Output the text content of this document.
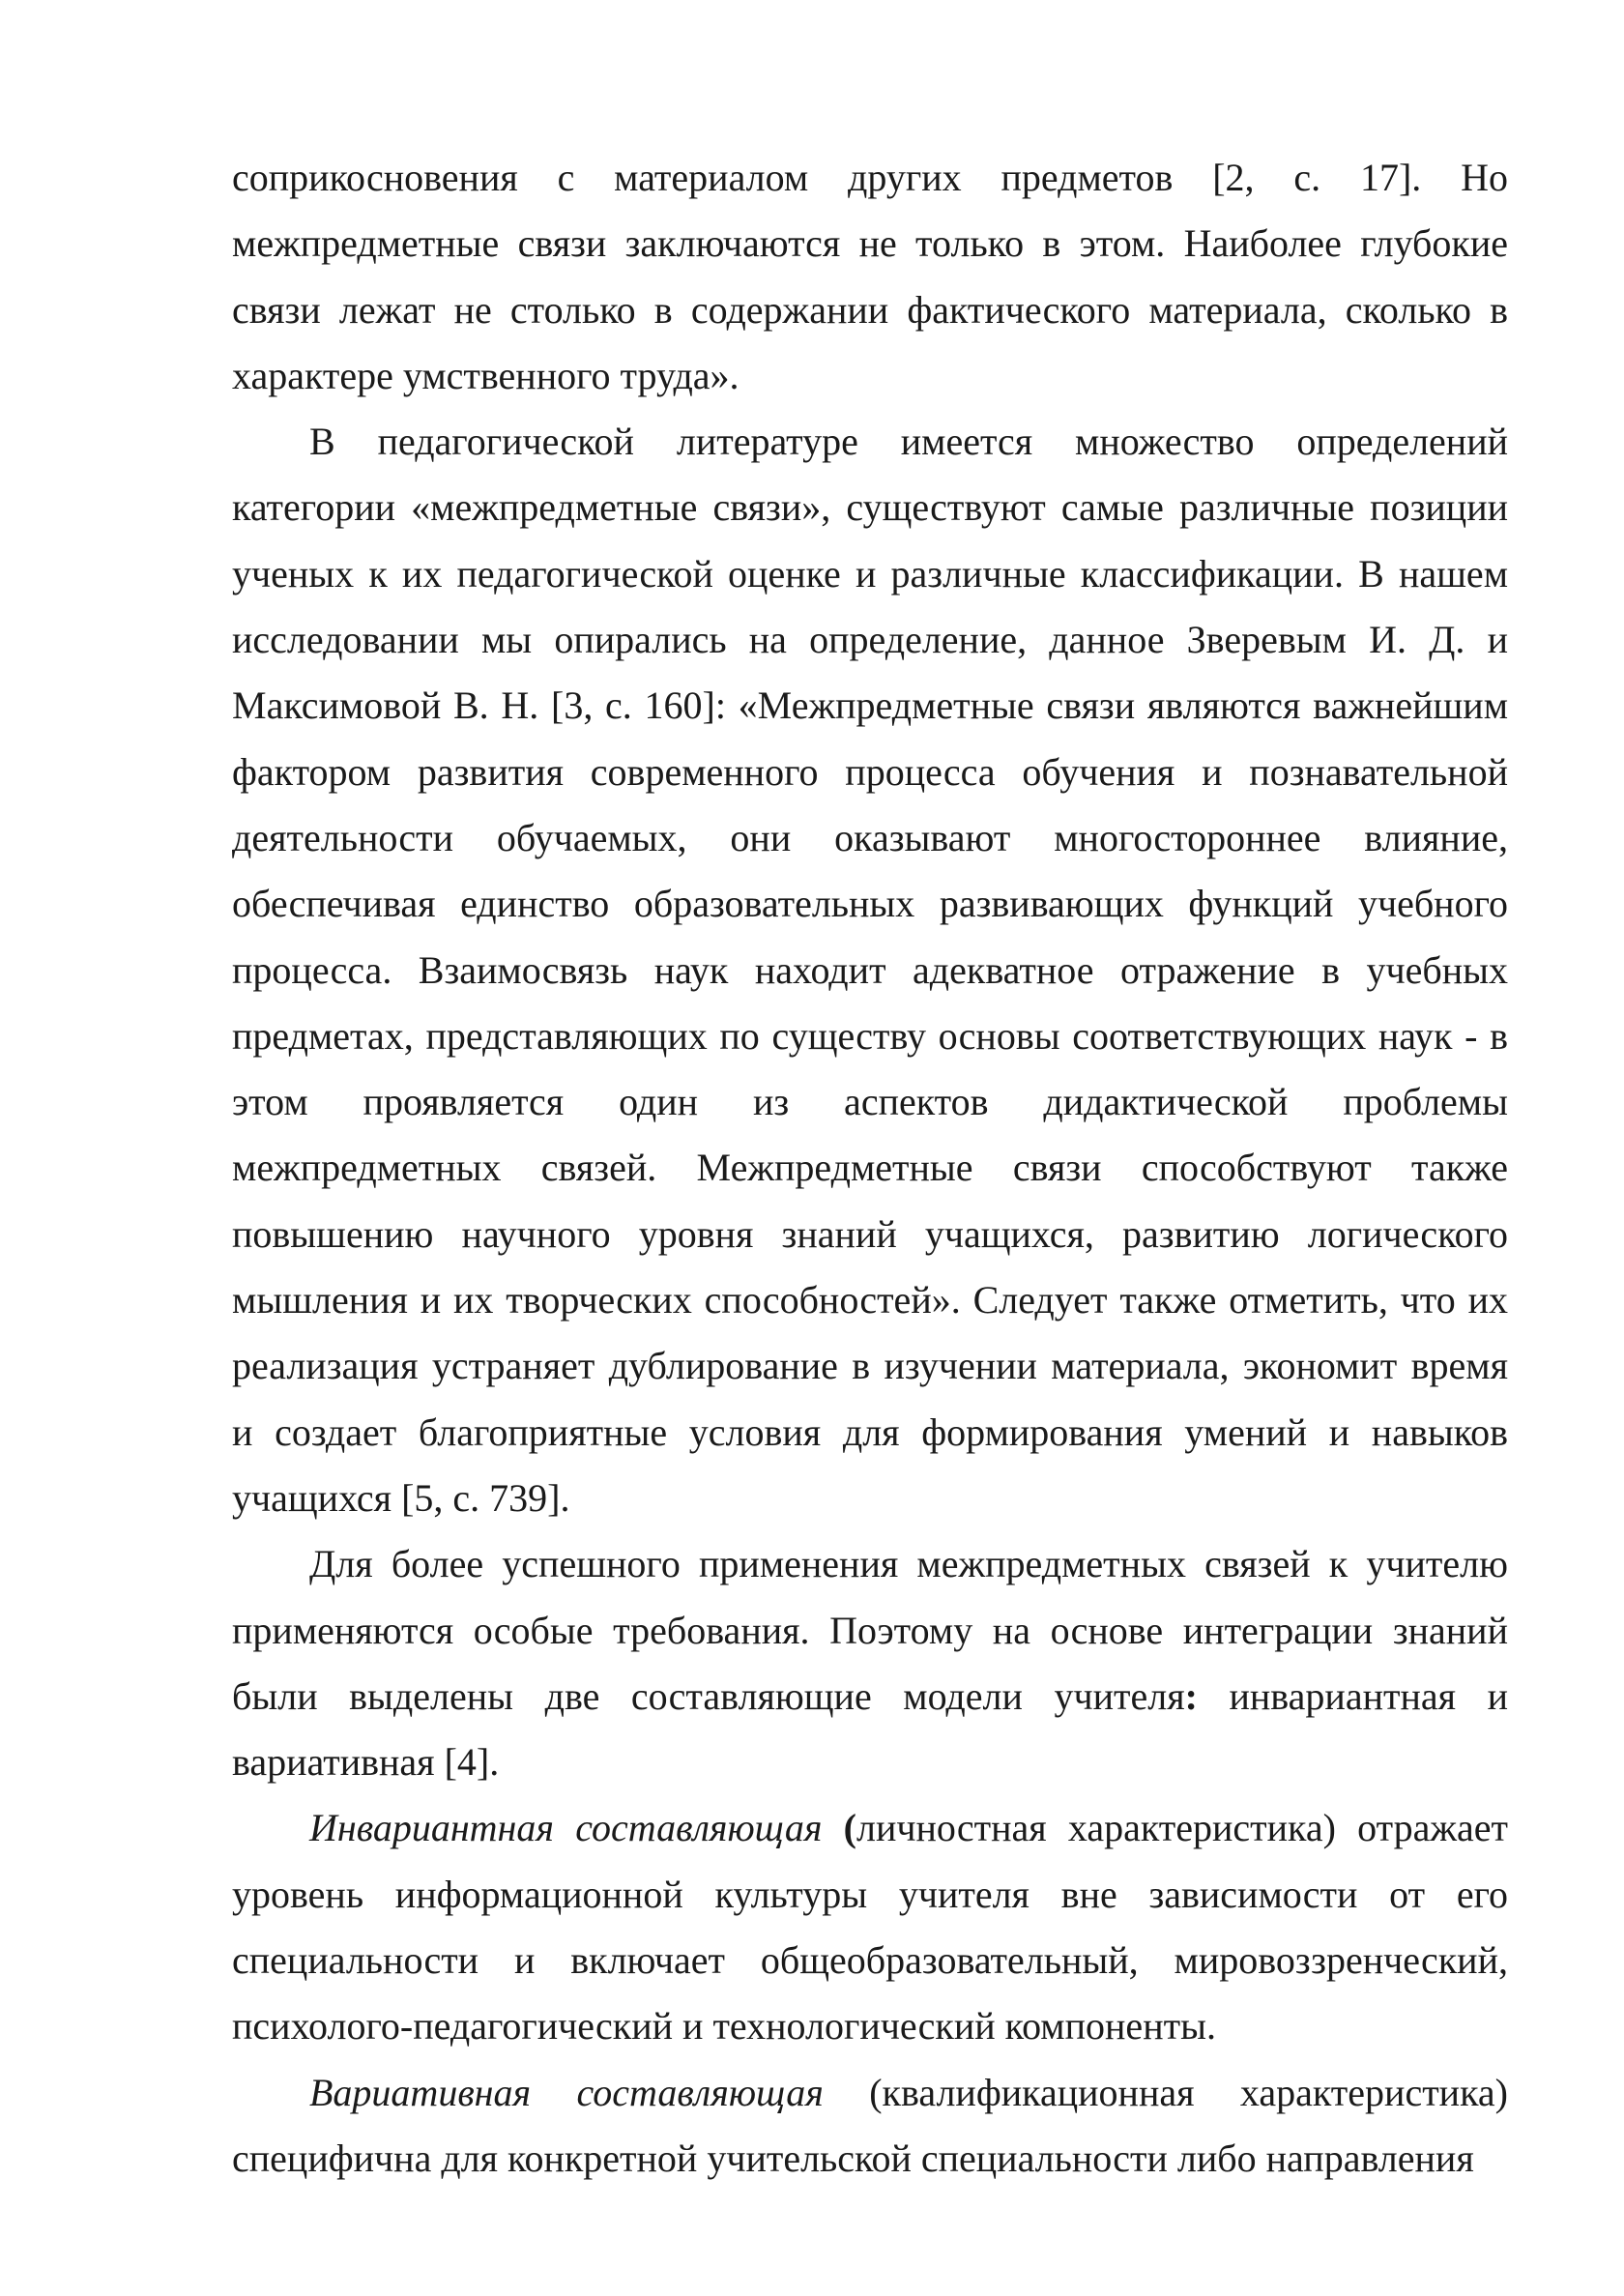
соприкосновения с материалом других предметов [2, с. 17]. Но межпредметные связи заключаются не только в этом. Наиболее глубокие связи лежат не столько в содержании фактического материала, сколько в характере умственного труда».

В педагогической литературе имеется множество определений категории «межпредметные связи», существуют самые различные позиции ученых к их педагогической оценке и различные классификации. В нашем исследовании мы опирались на определение, данное Зверевым И. Д. и Максимовой В. Н. [3, с. 160]: «Межпредметные связи являются важнейшим фактором развития современного процесса обучения и познавательной деятельности обучаемых, они оказывают многостороннее влияние, обеспечивая единство образовательных развивающих функций учебного процесса. Взаимосвязь наук находит адекватное отражение в учебных предметах, представляющих по существу основы соответствующих наук - в этом проявляется один из аспектов дидактической проблемы межпредметных связей. Межпредметные связи способствуют также повышению научного уровня знаний учащихся, развитию логического мышления и их творческих способностей». Следует также отметить, что их реализация устраняет дублирование в изучении материала, экономит время и создает благоприятные условия для формирования умений и навыков учащихся [5, с. 739].

Для более успешного применения межпредметных связей к учителю применяются особые требования. Поэтому на основе интеграции знаний были выделены две составляющие модели учителя: инвариантная и вариативная [4].

Инвариантная составляющая (личностная характеристика) отражает уровень информационной культуры учителя вне зависимости от его специальности и включает общеобразовательный, мировоззренческий, психолого-педагогический и технологический компоненты.

Вариативная составляющая (квалификационная характеристика) специфична для конкретной учительской специальности либо направления
